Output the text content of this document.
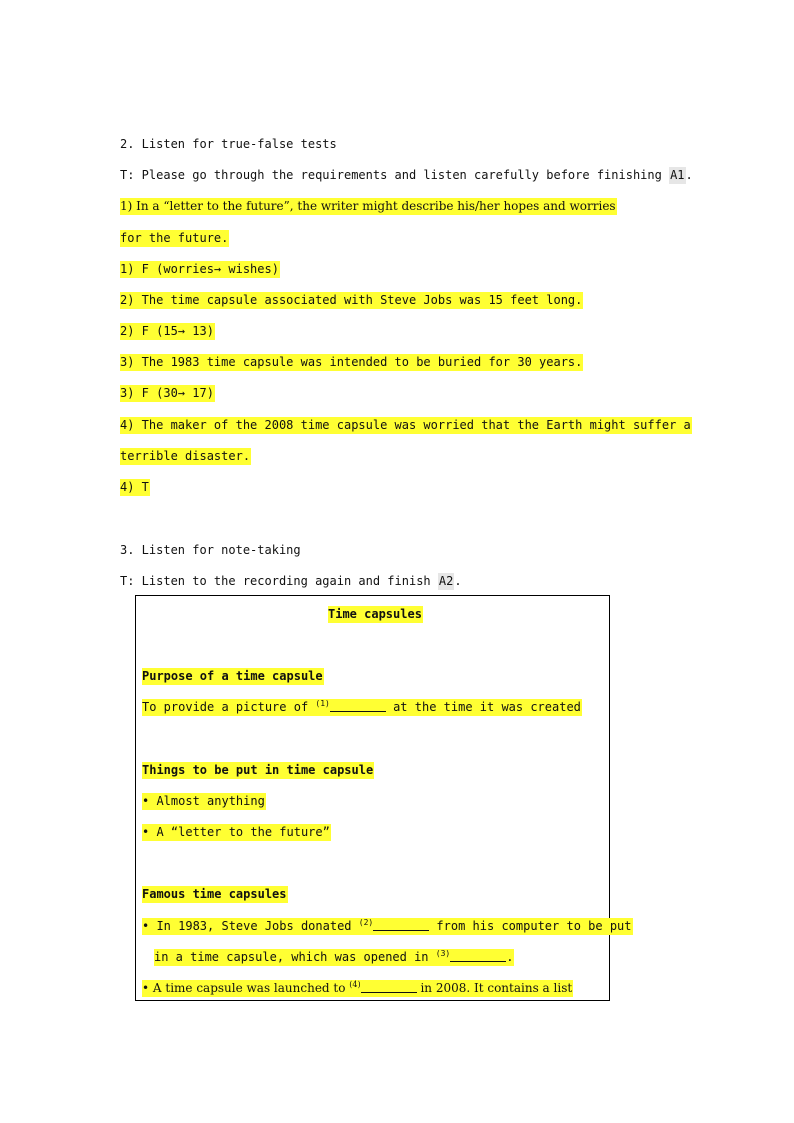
2. Listen for true-false tests
T: Please go through the requirements and listen carefully before finishing A1.
1) In a “letter to the future”, the writer might describe his/her hopes and worries
for the future.
1) F (worries→ wishes)
2) The time capsule associated with Steve Jobs was 15 feet long.
2) F (15→ 13)
3) The 1983 time capsule was intended to be buried for 30 years.
3) F (30→ 17)
4) The maker of the 2008 time capsule was worried that the Earth might suffer a
terrible disaster.
4) T
3. Listen for note-taking
T: Listen to the recording again and finish A2.
Time capsules
Purpose of a time capsule
To provide a picture of $^{(1)}$	at the time it was created
Things to be put in time capsule
• Almost anything
• A “letter to the future”
Famous time capsules
• In 1983, Steve Jobs donated $^{(2)}$	from his computer to be put
in a time capsule, which was opened in $^{(3)}$	.
• A time capsule was launched to $^{(4)}$	in 2008. It contains a list
